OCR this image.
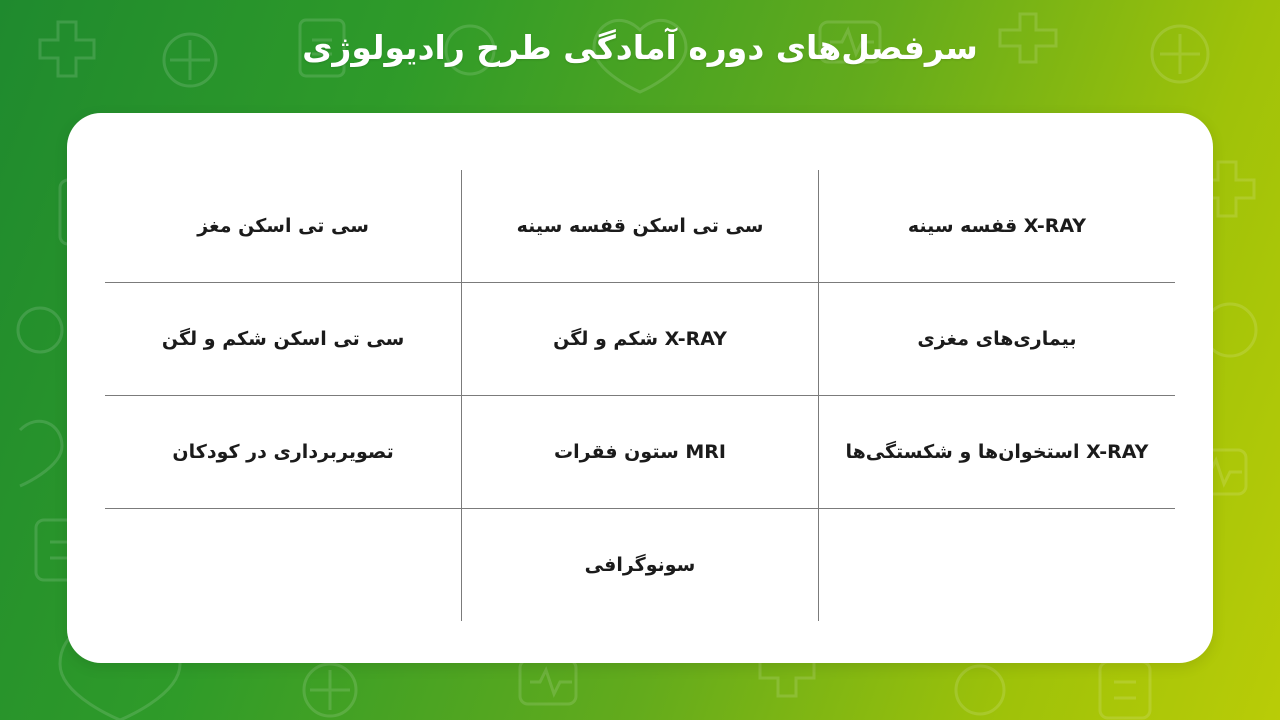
سرفصل‌های دوره آمادگی طرح رادیولوژی
X-RAY قفسه سینه	سی تی اسکن قفسه سینه	سی تی اسکن مغز
بیماری‌های مغزی	X-RAY شکم و لگن	سی تی اسکن شکم و لگن
X-RAY استخوان‌ها و شکستگی‌ها	MRI ستون فقرات	تصویربرداری در کودکان
	سونوگرافی	
